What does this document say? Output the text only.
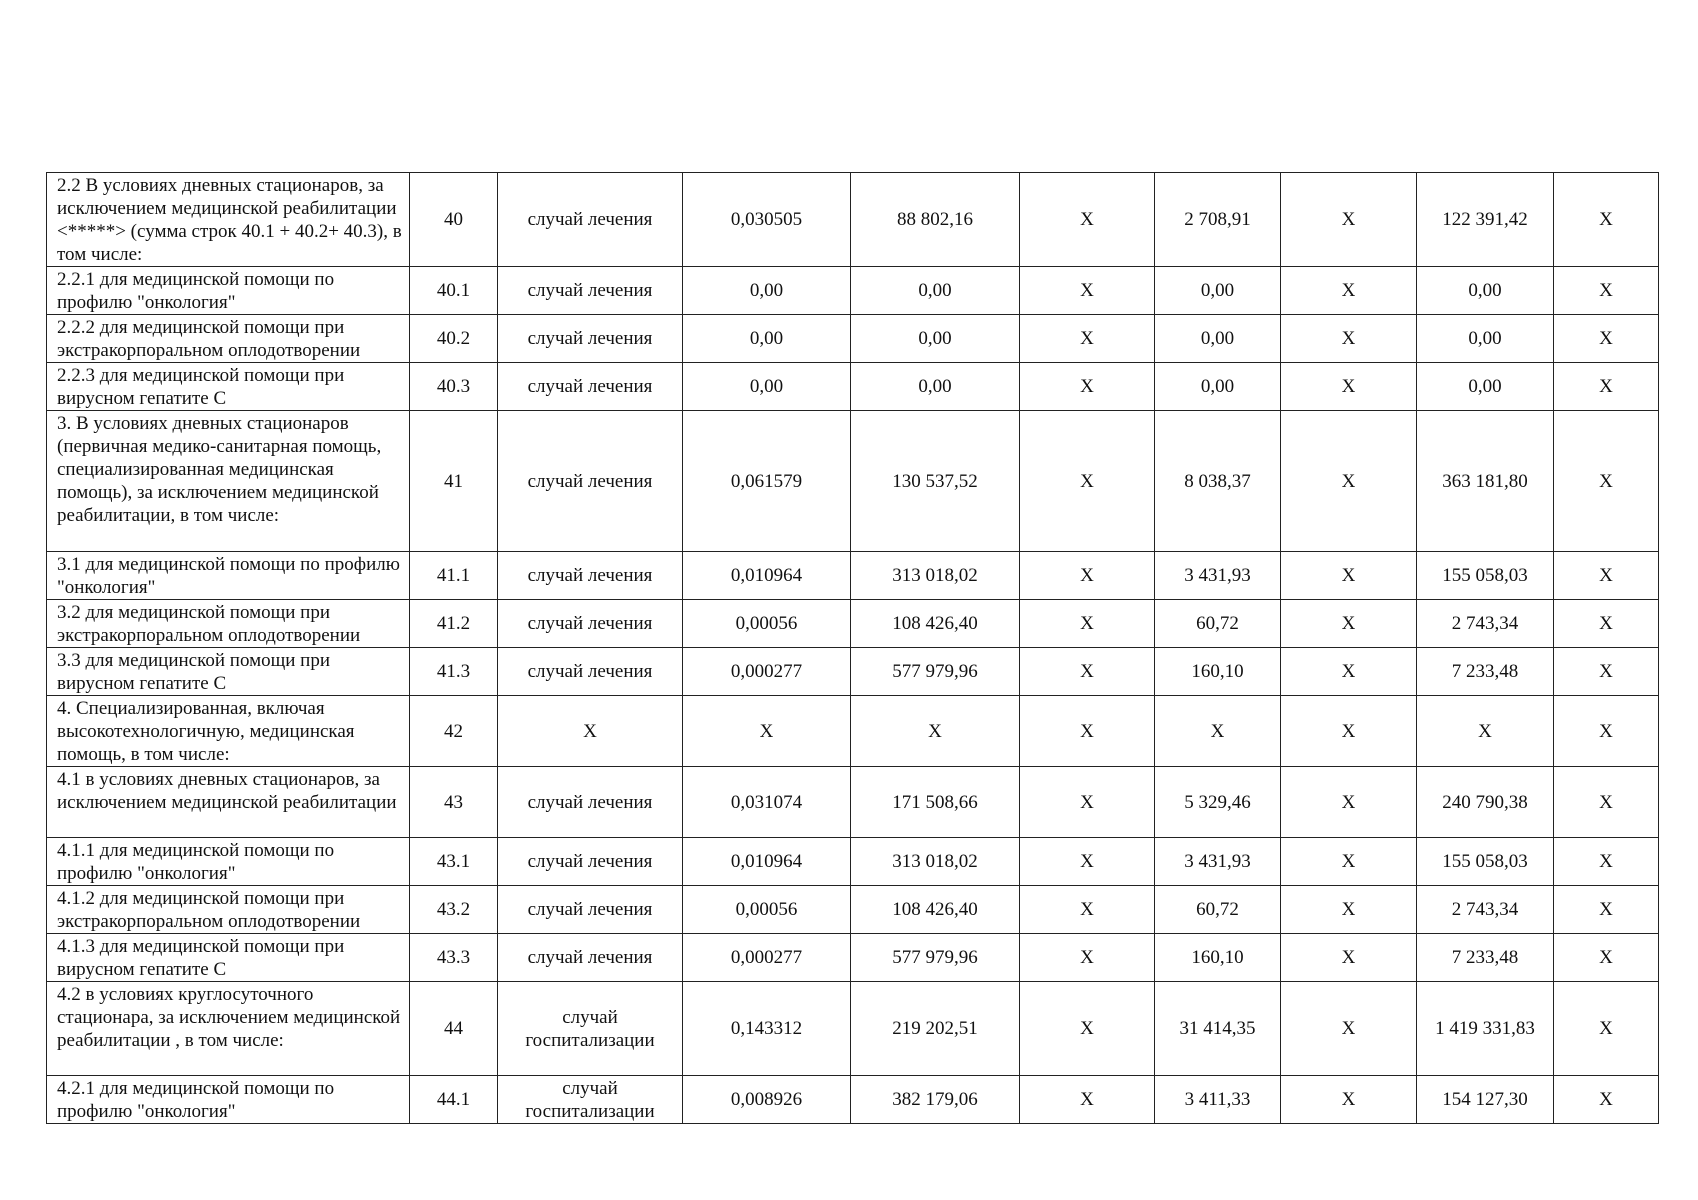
2.2 В условиях дневных стационаров, за исключением медицинской реабилитации <*****> (сумма строк 40.1 + 40.2+ 40.3), в том числе:	40	случай лечения	0,030505	88 802,16	X	2 708,91	X	122 391,42	X
2.2.1 для медицинской помощи по профилю "онкология"	40.1	случай лечения	0,00	0,00	X	0,00	X	0,00	X
2.2.2 для медицинской помощи при экстракорпоральном оплодотворении	40.2	случай лечения	0,00	0,00	X	0,00	X	0,00	X
2.2.3 для медицинской помощи при вирусном гепатите С	40.3	случай лечения	0,00	0,00	X	0,00	X	0,00	X
3. В условиях дневных стационаров (первичная медико-санитарная помощь, специализированная медицинская помощь), за исключением медицинской реабилитации, в том числе:	41	случай лечения	0,061579	130 537,52	X	8 038,37	X	363 181,80	X
3.1 для медицинской помощи по профилю "онкология"	41.1	случай лечения	0,010964	313 018,02	X	3 431,93	X	155 058,03	X
3.2 для медицинской помощи при экстракорпоральном оплодотворении	41.2	случай лечения	0,00056	108 426,40	X	60,72	X	2 743,34	X
3.3 для медицинской помощи при вирусном гепатите С	41.3	случай лечения	0,000277	577 979,96	X	160,10	X	7 233,48	X
4. Специализированная, включая высокотехнологичную, медицинская помощь, в том числе:	42	X	X	X	X	X	X	X	X
4.1 в условиях дневных стационаров, за исключением медицинской реабилитации	43	случай лечения	0,031074	171 508,66	X	5 329,46	X	240 790,38	X
4.1.1 для медицинской помощи по профилю "онкология"	43.1	случай лечения	0,010964	313 018,02	X	3 431,93	X	155 058,03	X
4.1.2 для медицинской помощи при экстракорпоральном оплодотворении	43.2	случай лечения	0,00056	108 426,40	X	60,72	X	2 743,34	X
4.1.3 для медицинской помощи при вирусном гепатите С	43.3	случай лечения	0,000277	577 979,96	X	160,10	X	7 233,48	X
4.2 в условиях круглосуточного стационара, за исключением медицинской реабилитации , в том числе:	44	случай госпитализации	0,143312	219 202,51	X	31 414,35	X	1 419 331,83	X
4.2.1 для медицинской помощи по профилю "онкология"	44.1	случай госпитализации	0,008926	382 179,06	X	3 411,33	X	154 127,30	X
